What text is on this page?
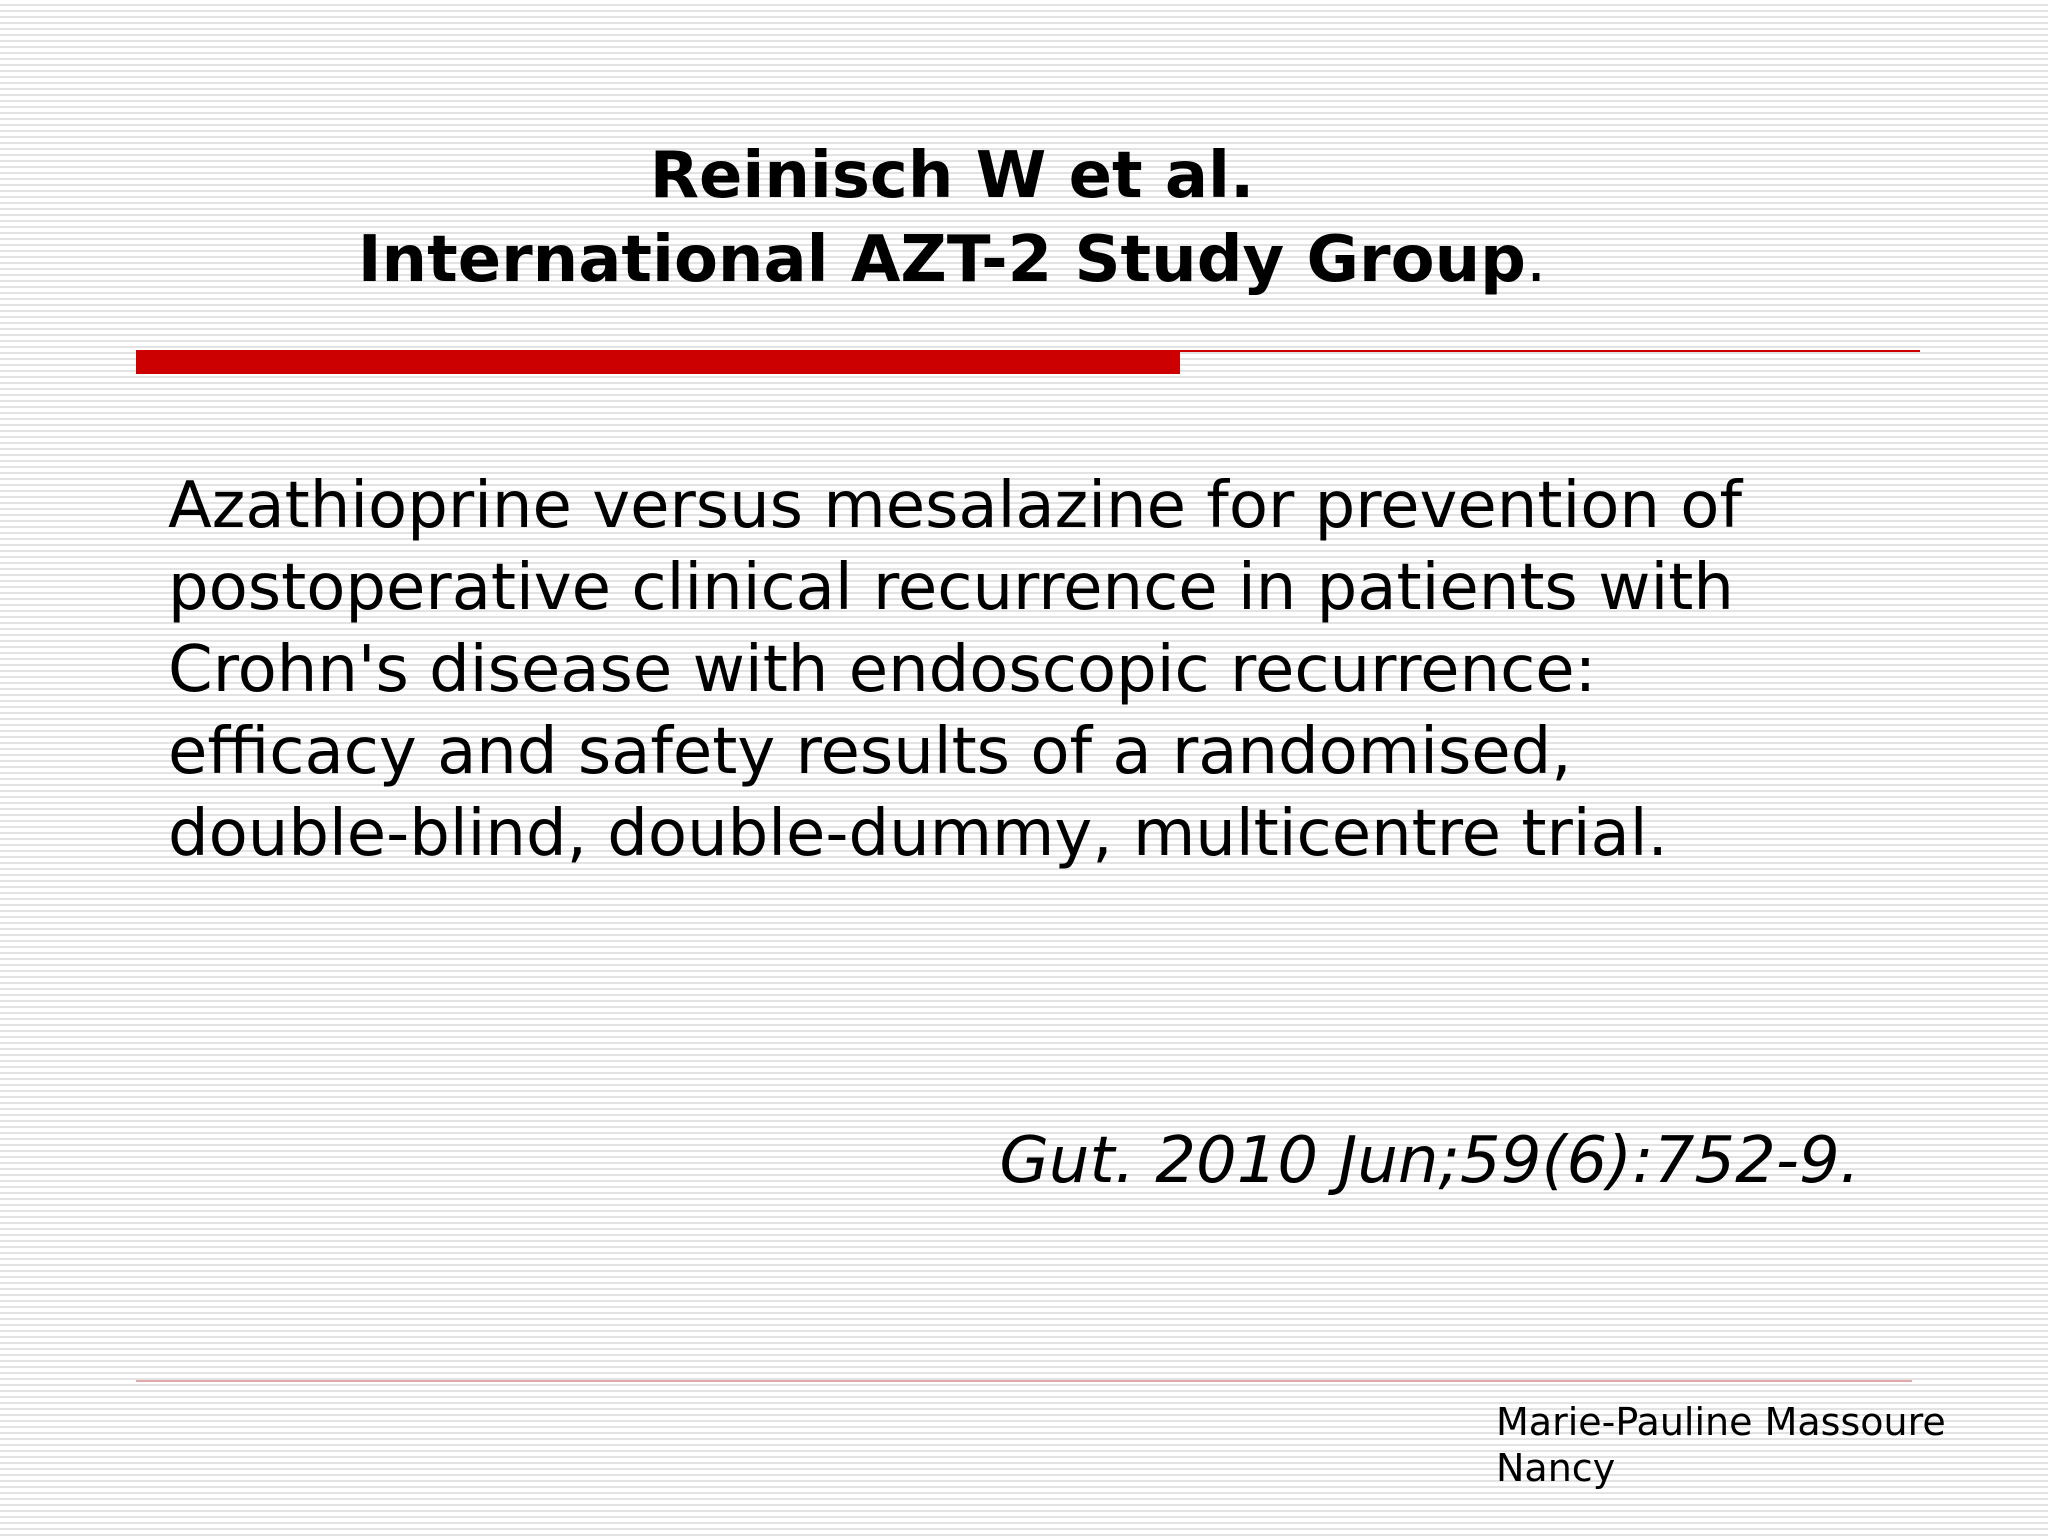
Reinisch W et al.
International AZT-2 Study Group.
Azathioprine versus mesalazine for prevention of
postoperative clinical recurrence in patients with
Crohn's disease with endoscopic recurrence:
efficacy and safety results of a randomised,
double-blind, double-dummy, multicentre trial.
Gut. 2010 Jun;59(6):752-9.
Marie-Pauline Massoure
Nancy
